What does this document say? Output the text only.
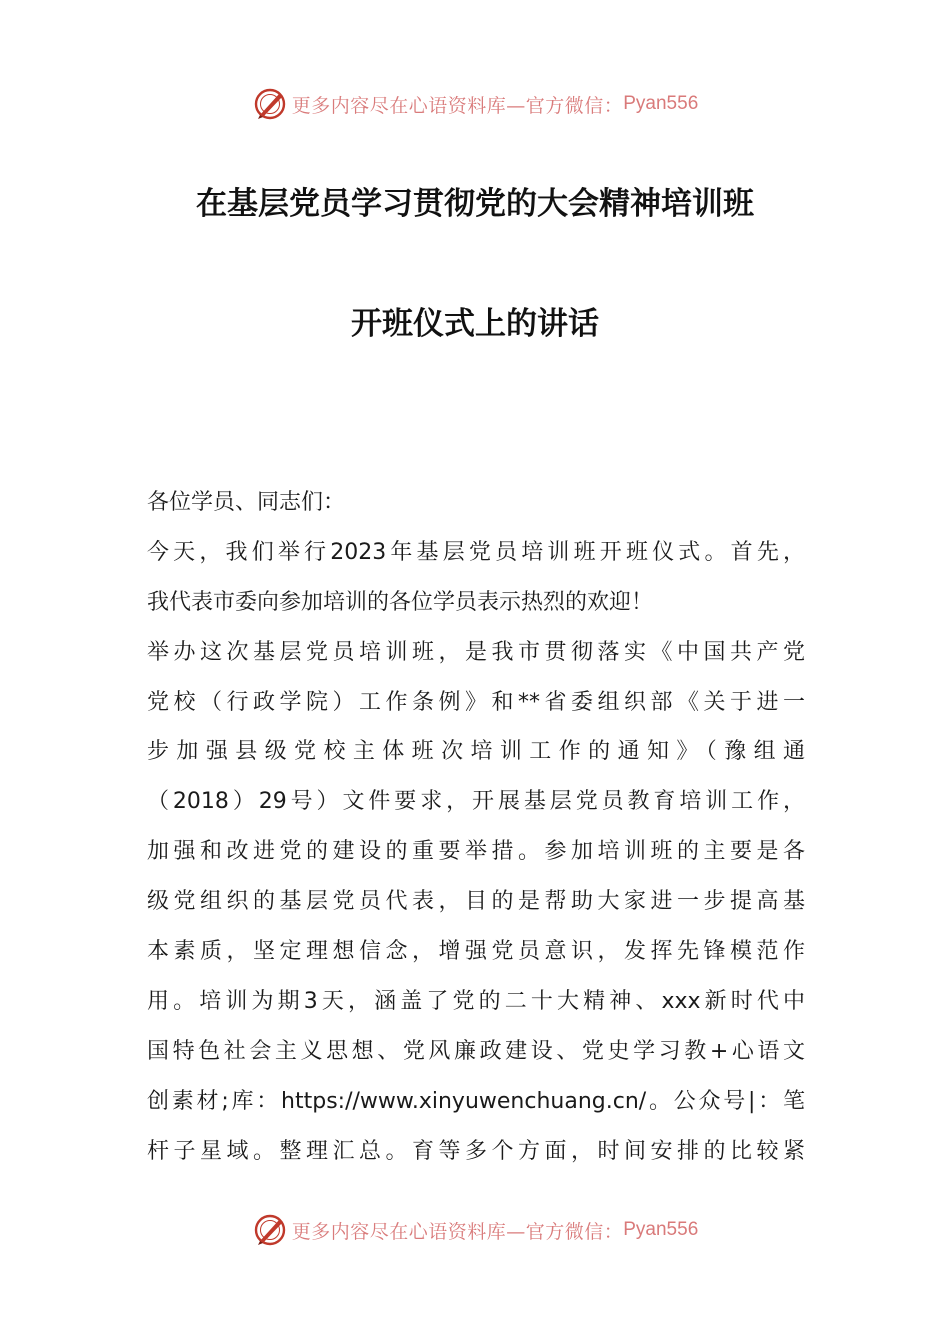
更多内容尽在心语资料库—官方微信： Pyan556
在基层党员学习贯彻党的大会精神培训班
开班仪式上的讲话
各位学员、同志们：
今天，我们举行2023年基层党员培训班开班仪式。首先，
我代表市委向参加培训的各位学员表示热烈的欢迎！
举办这次基层党员培训班，是我市贯彻落实《中国共产党
党校（行政学院）工作条例》和**省委组织部《关于进一
步加强县级党校主体班次培训工作的通知》（豫组通
（2018）29号）文件要求，开展基层党员教育培训工作，
加强和改进党的建设的重要举措。参加培训班的主要是各
级党组织的基层党员代表，目的是帮助大家进一步提高基
本素质，坚定理想信念，增强党员意识，发挥先锋模范作
用。培训为期3天，涵盖了党的二十大精神、xxx新时代中
国特色社会主义思想、党风廉政建设、党史学习教+心语文
创素材;库：https://www.xinyuwenchuang.cn/。公众号|：笔
杆子星域。整理汇总。育等多个方面，时间安排的比较紧
更多内容尽在心语资料库—官方微信： Pyan556
